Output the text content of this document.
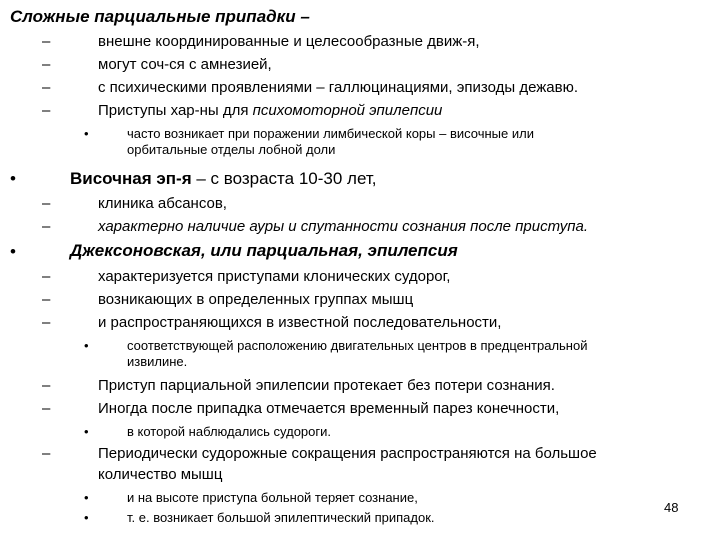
Сложные парциальные припадки –
–
–
–
–
внешне координированные и целесообразные движ-я,
могут соч-ся с амнезией,
с психическими проявлениями – галлюцинациями, эпизоды дежавю.
Приступы хар-ны для психомоторной эпилепсии
•	часто возникает при поражении лимбической коры – височные или
орбитальные отделы лобной доли
•	Височная эп-я – с возраста 10-30 лет,
–
–
клиника абсансов,
характерно наличие ауры и спутанности сознания после приступа.
•	Джексоновская, или парциальная, эпилепсия
–
–
–
характеризуется приступами клонических судорог,
возникающих в определенных группах мышц
и распространяющихся в известной последовательности,
•	соответствующей расположению двигательных центров в предцентральной
извилине.
–
–
Приступ парциальной эпилепсии протекает без потери сознания.
Иногда после припадка отмечается временный парез конечности,
•	в которой наблюдались судороги.
–	Периодически судорожные сокращения распространяются на большое
количество мышц
•
•
и на высоте приступа больной теряет сознание,
т. е. возникает большой эпилептический припадок.
48
